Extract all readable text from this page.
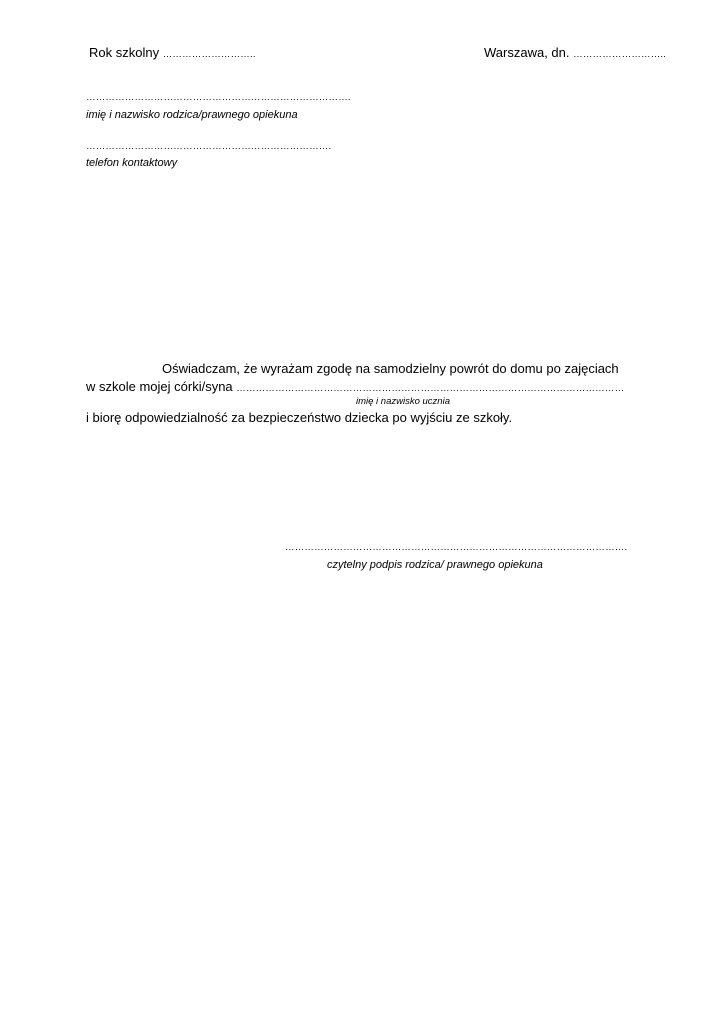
Rok szkolny ………………………..	Warszawa, dn. ………………………..
……………………………………………………………………….
imię i nazwisko rodzica/prawnego opiekuna
………………………………………………………………….
telefon kontaktowy
Oświadczam, że wyrażam zgodę na samodzielny powrót do domu po zajęciach
w szkole mojej córki/syna …………………………………………………………………………………………………………
imię i nazwisko ucznia
i biorę odpowiedzialność za bezpieczeństwo dziecka po wyjściu ze szkoły.
…………………………………………………………………………………………….
czytelny podpis rodzica/ prawnego opiekuna
